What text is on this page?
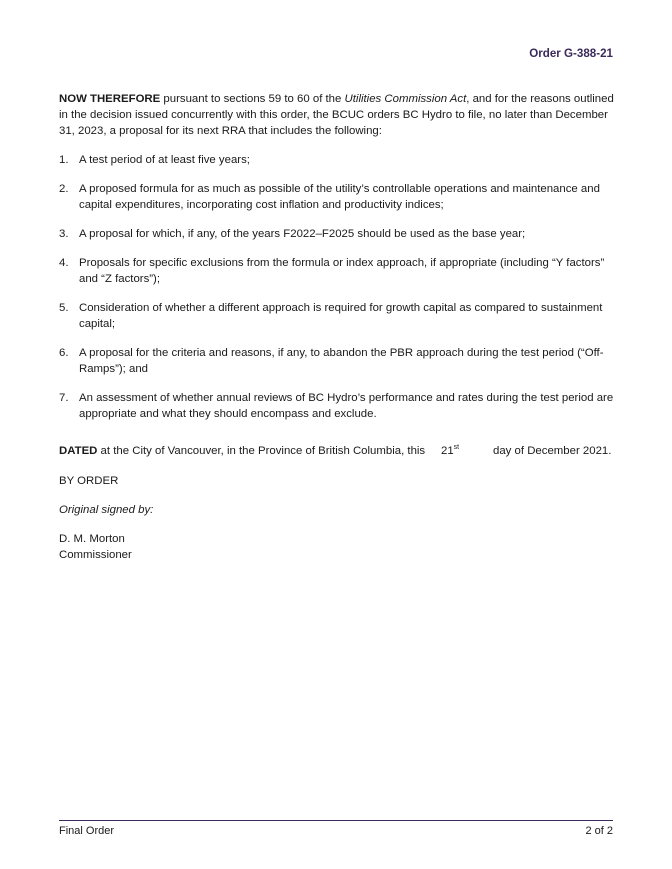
Order G-388-21

NOW THEREFORE pursuant to sections 59 to 60 of the Utilities Commission Act, and for the reasons outlined in the decision issued concurrently with this order, the BCUC orders BC Hydro to file, no later than December 31, 2023, a proposal for its next RRA that includes the following:

1. A test period of at least five years;
2. A proposed formula for as much as possible of the utility’s controllable operations and maintenance and capital expenditures, incorporating cost inflation and productivity indices;
3. A proposal for which, if any, of the years F2022–F2025 should be used as the base year;
4. Proposals for specific exclusions from the formula or index approach, if appropriate (including “Y factors” and “Z factors”);
5. Consideration of whether a different approach is required for growth capital as compared to sustainment capital;
6. A proposal for the criteria and reasons, if any, to abandon the PBR approach during the test period (“Off-Ramps”); and
7. An assessment of whether annual reviews of BC Hydro’s performance and rates during the test period are appropriate and what they should encompass and exclude.
DATED at the City of Vancouver, in the Province of British Columbia, this 21st	day of December 2021.

BY ORDER

Original signed by:

D. M. Morton
Commissioner
Final Order	2 of 2
